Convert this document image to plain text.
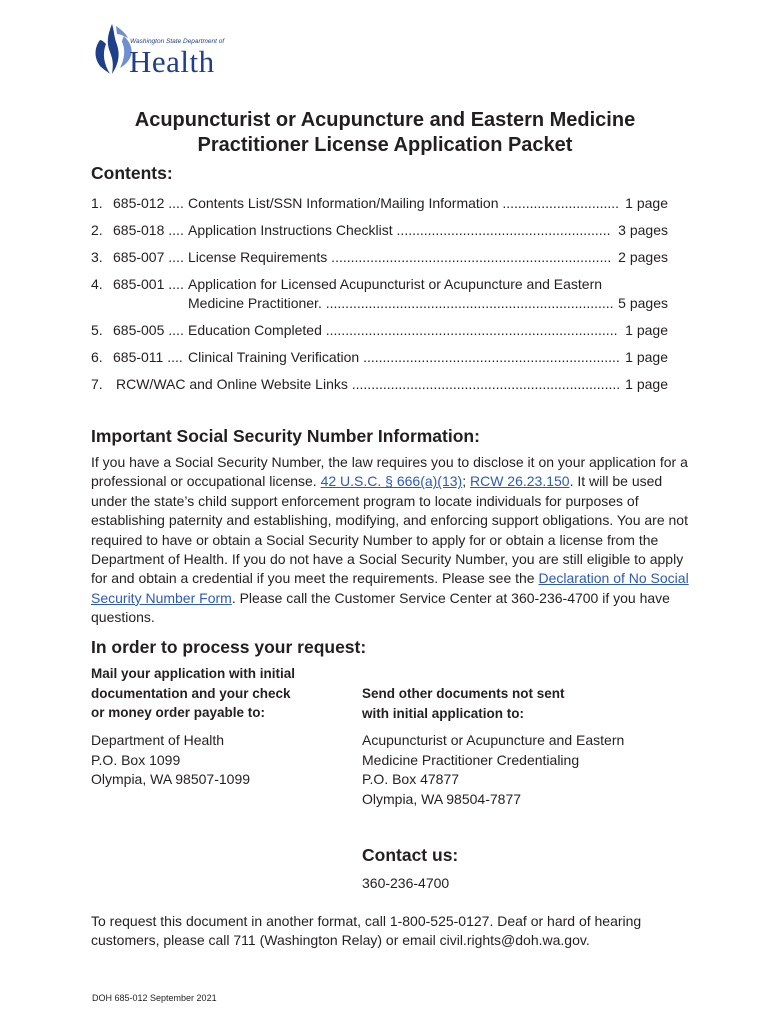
Washington State Department of
Health
Acupuncturist or Acupuncture and Eastern Medicine
Practitioner License Application Packet
Contents:
1. 685-012 .... Contents List/SSN Information/Mailing Information .............................. 1 page
2. 685-018 .... Application Instructions Checklist ....................................................... 3 pages
3. 685-007 .... License Requirements ........................................................................ 2 pages
4. 685-001 .... Application for Licensed Acupuncturist or Acupuncture and Eastern
Medicine Practitioner. .......................................................................... 5 pages
5. 685-005 .... Education Completed ........................................................................... 1 page
6. 685-011 .... Clinical Training Verification .................................................................. 1 page
7. RCW/WAC and Online Website Links ..................................................................... 1 page
Important Social Security Number Information:
If you have a Social Security Number, the law requires you to disclose it on your application for a professional or occupational license. 42 U.S.C. § 666(a)(13); RCW 26.23.150. It will be used under the state’s child support enforcement program to locate individuals for purposes of establishing paternity and establishing, modifying, and enforcing support obligations. You are not required to have or obtain a Social Security Number to apply for or obtain a license from the Department of Health. If you do not have a Social Security Number, you are still eligible to apply for and obtain a credential if you meet the requirements. Please see the Declaration of No Social Security Number Form. Please call the Customer Service Center at 360-236-4700 if you have questions.
In order to process your request:
Mail your application with initial
documentation and your check
or money order payable to:
Department of Health
P.O. Box 1099
Olympia, WA 98507-1099
Send other documents not sent
with initial application to:
Acupuncturist or Acupuncture and Eastern
Medicine Practitioner Credentialing
P.O. Box 47877
Olympia, WA 98504-7877
Contact us:
360-236-4700
To request this document in another format, call 1-800-525-0127. Deaf or hard of hearing customers, please call 711 (Washington Relay) or email civil.rights@doh.wa.gov.
DOH 685-012 September 2021
